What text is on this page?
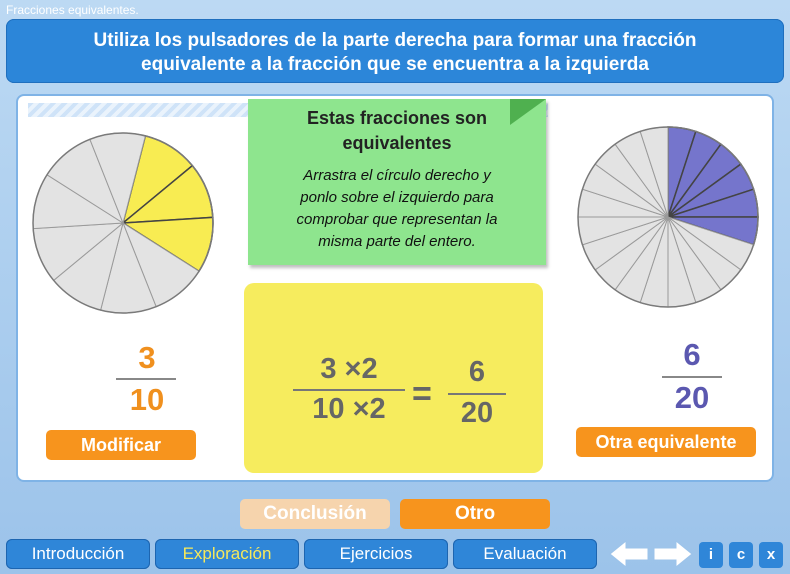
Fracciones equivalentes.
Utiliza los pulsadores de la parte derecha para formar una fracción
equivalente a la fracción que se encuentra a la izquierda
Estas fracciones son
equivalentes
Arrastra el círculo derecho y
ponlo sobre el izquierdo para
comprobar que representan la
misma parte del entero.
3
10
6
20
3 ×2
10 ×2 =
6
20
Modificar	Otra equivalente
Conclusión	Otro
Introducción	Exploración	Ejercicios	Evaluación	i	c	x
